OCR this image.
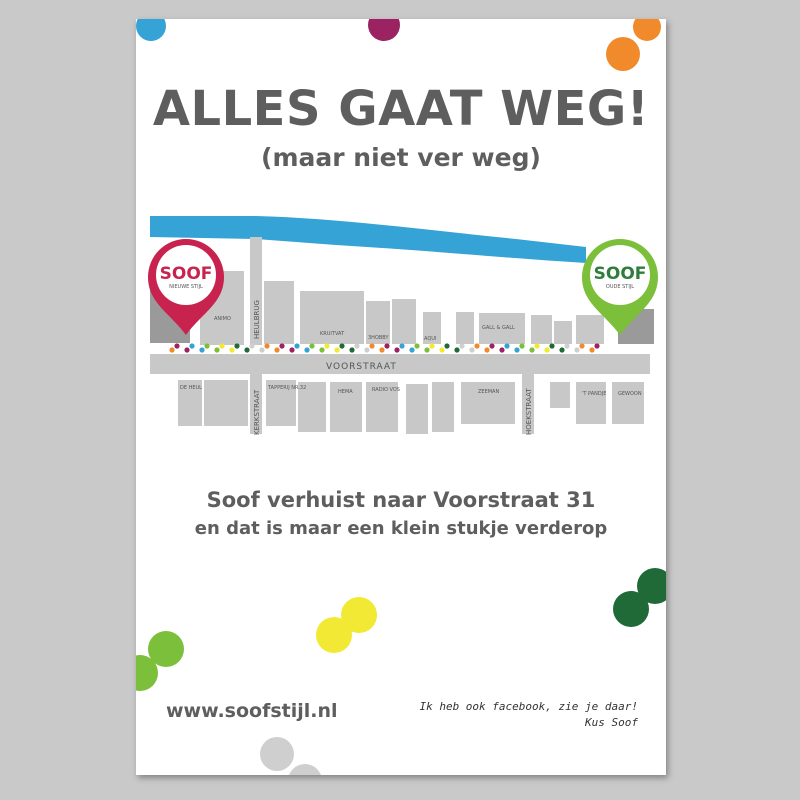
ALLES GAAT WEG!
(maar niet ver weg)
VOORSTRAAT
HEULBRUG
KERKSTRAAT	HOEKSTRAAT
ANIMO
KRUITVAT
3HOBBY	AQUI
GALL & GALL
DE HEUL	TAPPERIJ NR.32
HEMA	RADIO VOS	ZEEMAN	'T PANDJE GEWOON
SOOF
NIEUWE STIJL
SOOF
OUDE STIJL
Soof verhuist naar Voorstraat 31
en dat is maar een klein stukje verderop
www.soofstijl.nl	Ik heb ook facebook, zie je daar!
Kus Soof
